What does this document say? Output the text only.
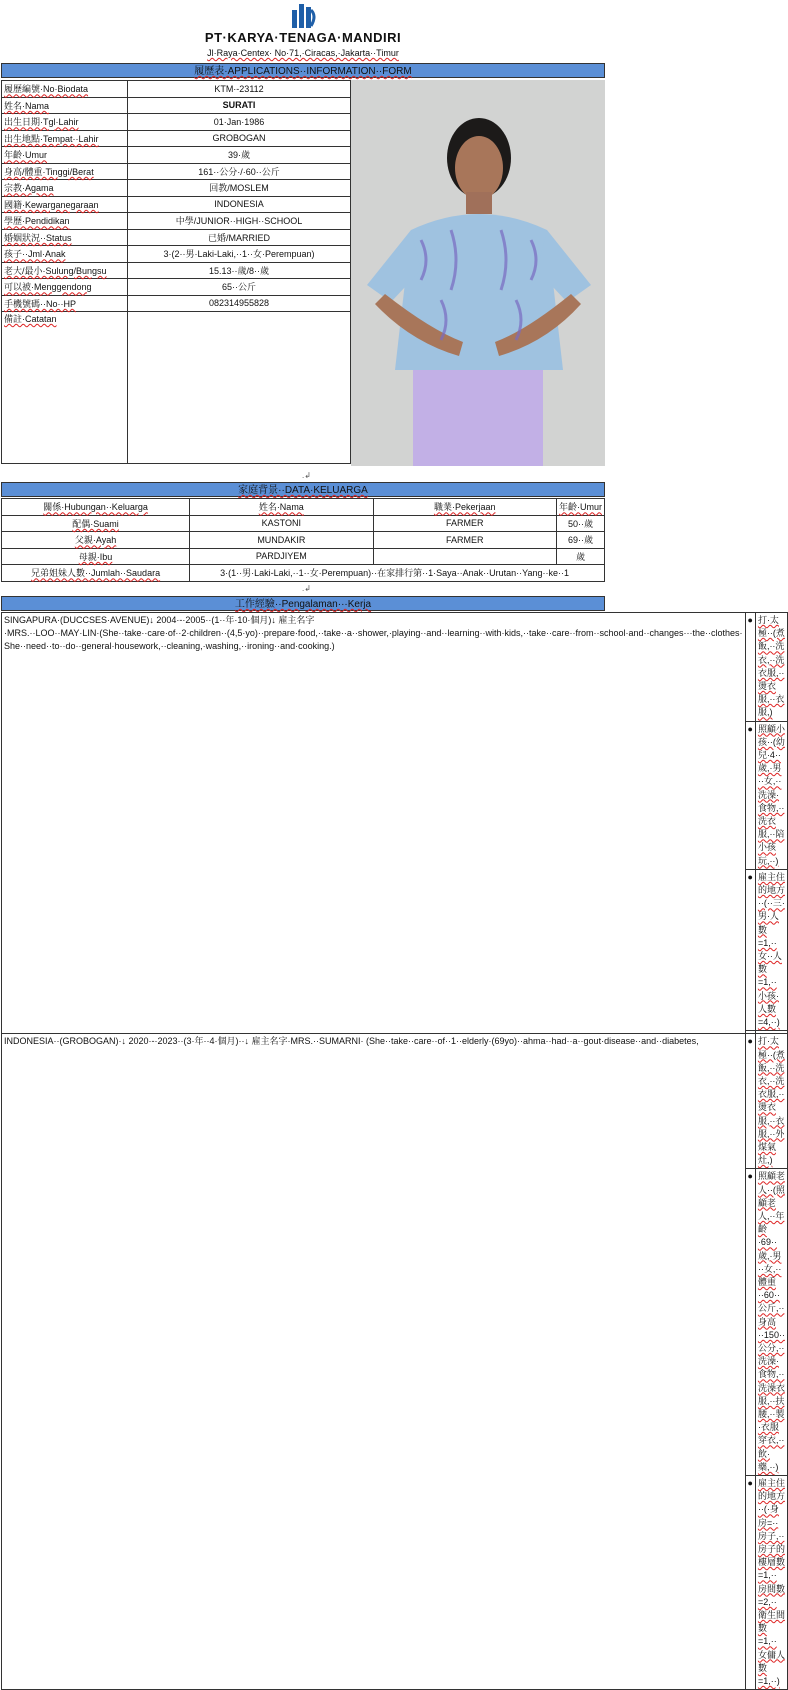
PT·KARYA·TENAGA·MANDIRI
Jl·Raya·Centex· No·71,·Ciracas,·Jakarta··Timur
履歷表·APPLICATIONS··INFORMATION··FORM
履歷編號·No·Biodata	KTM·-23112
姓名·Nama	SURATI
出生日期·Tgl·Lahir	01·Jan·1986
出生地點·Tempat··Lahir	GROBOGAN
年齡·Umur	39·歲
身高/體重·Tinggi/Berat	161··公分·/·60··公斤
宗教·Agama	回教/MOSLEM
國籍·Kewarganegaraan	INDONESIA
學歷·Pendidikan	中學/JUNIOR··HIGH··SCHOOL
婚姻狀況··Status	已婚/MARRIED
孩子··Jml·Anak	3·(2··男·Laki-Laki,··1··女·Perempuan)
老大/最小·Sulung/Bungsu	15.13··歲/8··歲
可以被·Menggendong	65··公斤
手機號碼··No··HP	082314955828
備註·Catatan	
.↲
家庭背景··DATA·KELUARGA
關係·Hubungan··Keluarga	姓名·Nama	職業·Pekerjaan	年齡·Umur
配偶·Suami	KASTONI	FARMER	50··歲
父親·Ayah	MUNDAKIR	FARMER	69··歲
母親·Ibu	PARDJIYEM		歲
兄弟姐妹人數··Jumlah··Saudara	3·(1··男·Laki-Laki,··1··女·Perempuan)··在家排行第··1·Saya··Anak··Urutan··Yang··ke··1		
.↲
工作經驗··Pengalaman···Kerja
SINGAPURA·(DUCCSES·AVENUE)↓ 2004·-·2005··(1··年·10·個月)↓ 雇主名字·MRS.··LOO··MAY·LIN·(She··take··care·of··2·children··(4,5·yo)··prepare·food,··take··a··shower,·playing··and··learning··with·kids,··take··care··from··school·and··changes···the··clothes· She··need··to··do··general·housework,··cleaning,·washing,··ironing··and·cooking.)	●	打·太極··(煮飯,··洗衣,··洗衣服,··燙衣服,··衣服,)
	●	照顧小孩··(幼兒·4··歲,·男··女,··洗澡·食物,··洗衣服,··陪小孩玩,··)
	●	雇主住的地方··(··三·男·人數=1,··女··人數=1,··小孩·人數=4,··)

INDONESIA··(GROBOGAN)·↓ 2020·-·2023··(3·年··4·個月)··↓ 雇主名字·MRS.··SUMARNI· (She··take··care··of··1··elderly·(69yo)··ahma··had··a··gout·disease··and··diabetes,	●	打·太極··(煮飯,··洗衣,··洗衣服,··燙衣服,··衣服,··外煤氣灶,)
	●	照顧老人··(照顧老人,··年齡·69··歲,·男··女,··體重··60··公斤,··身高··150··公分,··洗澡·食物,··洗澡衣服,··扶腰,··製·衣服穿衣,··飲·藥,··)
	●	雇主住的地方··(·身房=··房子,··房子的樓層數=1,··房間數=2,··衛生間數=1,··女傭人數=1,··)
